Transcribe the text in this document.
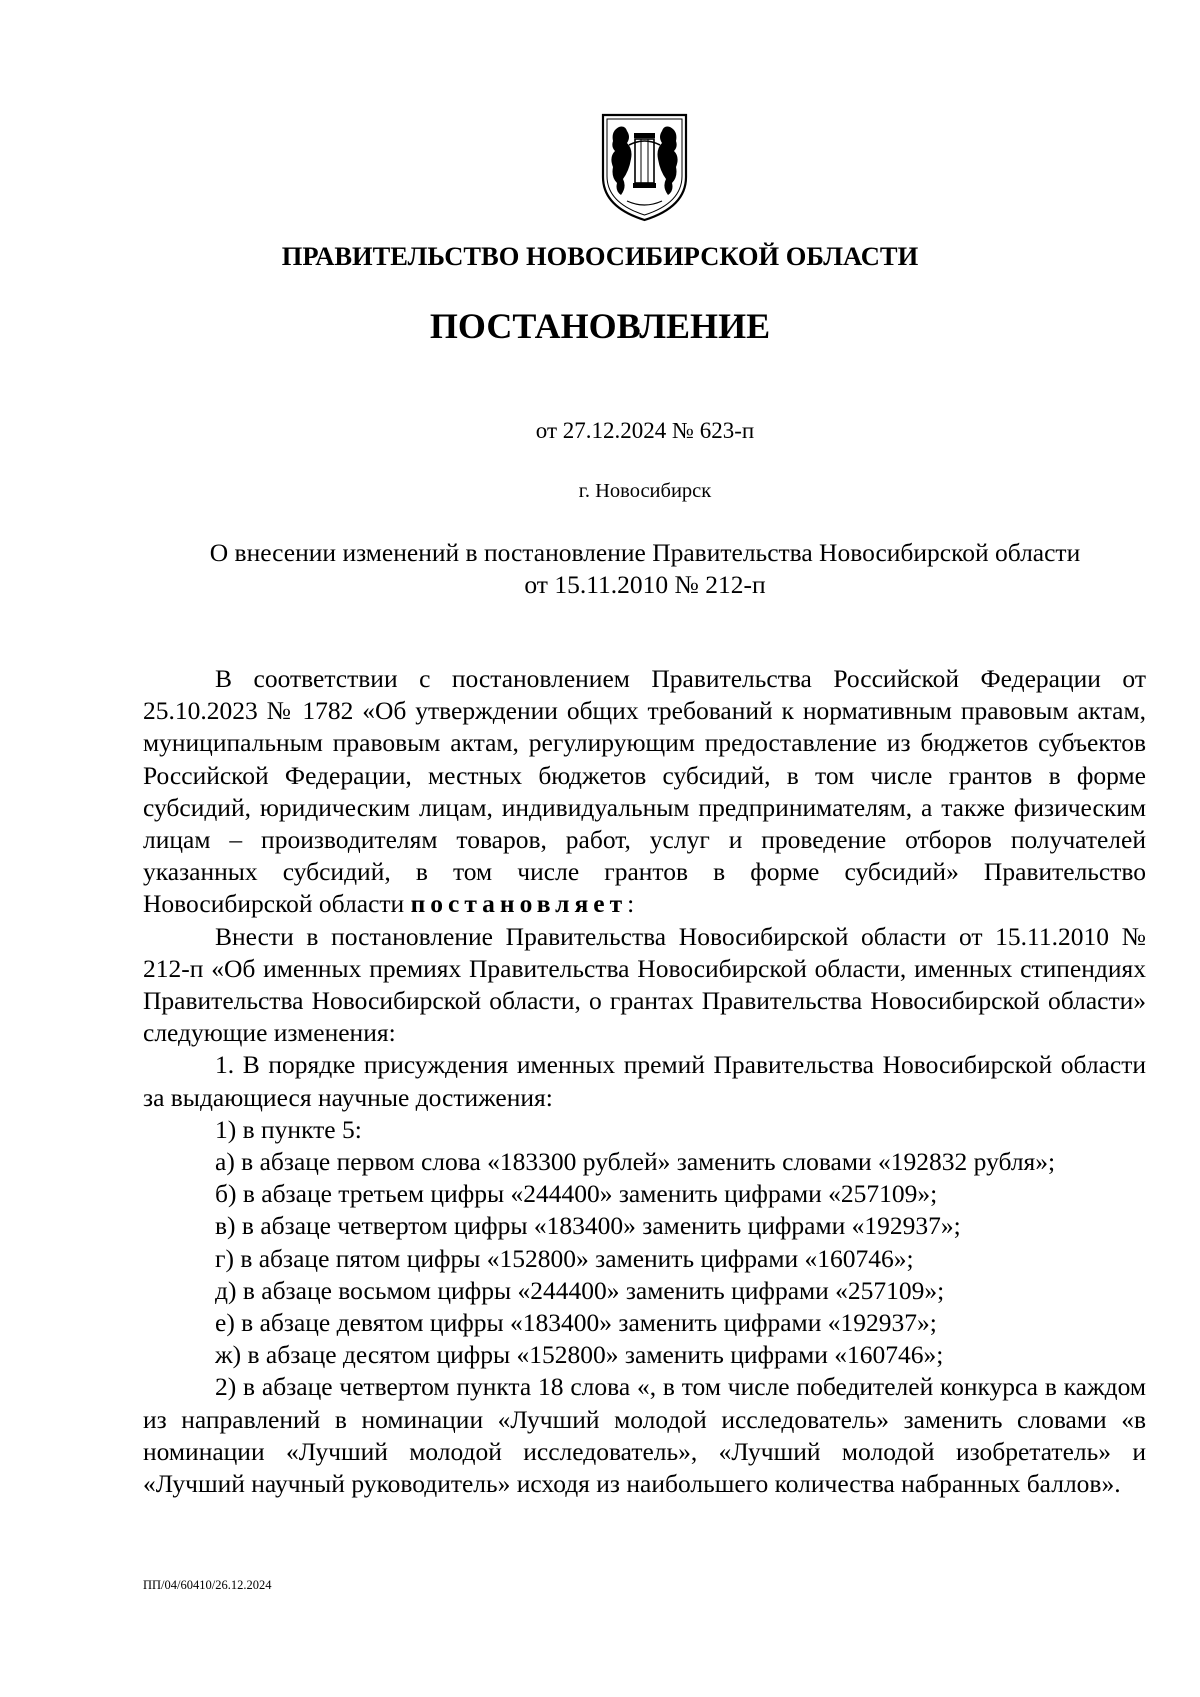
ПРАВИТЕЛЬСТВО НОВОСИБИРСКОЙ ОБЛАСТИ
ПОСТАНОВЛЕНИЕ
от 27.12.2024 № 623-п
г. Новосибирск
О внесении изменений в постановление Правительства Новосибирской области
от 15.11.2010 № 212-п

В соответствии с постановлением Правительства Российской Федерации от 25.10.2023 № 1782 «Об утверждении общих требований к нормативным правовым актам, муниципальным правовым актам, регулирующим предоставление из бюджетов субъектов Российской Федерации, местных бюджетов субсидий, в том числе грантов в форме субсидий, юридическим лицам, индивидуальным предпринимателям, а также физическим лицам – производителям товаров, работ, услуг и проведение отборов получателей указанных субсидий, в том числе грантов в форме субсидий» Правительство Новосибирской области постановляет:

Внести в постановление Правительства Новосибирской области от 15.11.2010 № 212-п «Об именных премиях Правительства Новосибирской области, именных стипендиях Правительства Новосибирской области, о грантах Правительства Новосибирской области» следующие изменения:

1. В порядке присуждения именных премий Правительства Новосибирской области за выдающиеся научные достижения:

1) в пункте 5:

а) в абзаце первом слова «183300 рублей» заменить словами «192832 рубля»;

б) в абзаце третьем цифры «244400» заменить цифрами «257109»;

в) в абзаце четвертом цифры «183400» заменить цифрами «192937»;

г) в абзаце пятом цифры «152800» заменить цифрами «160746»;

д) в абзаце восьмом цифры «244400» заменить цифрами «257109»;

е) в абзаце девятом цифры «183400» заменить цифрами «192937»;

ж) в абзаце десятом цифры «152800» заменить цифрами «160746»;

2) в абзаце четвертом пункта 18 слова «, в том числе победителей конкурса в каждом из направлений в номинации «Лучший молодой исследователь» заменить словами «в номинации «Лучший молодой исследователь», «Лучший молодой изобретатель» и «Лучший научный руководитель» исходя из наибольшего количества набранных баллов».

ПП/04/60410/26.12.2024
